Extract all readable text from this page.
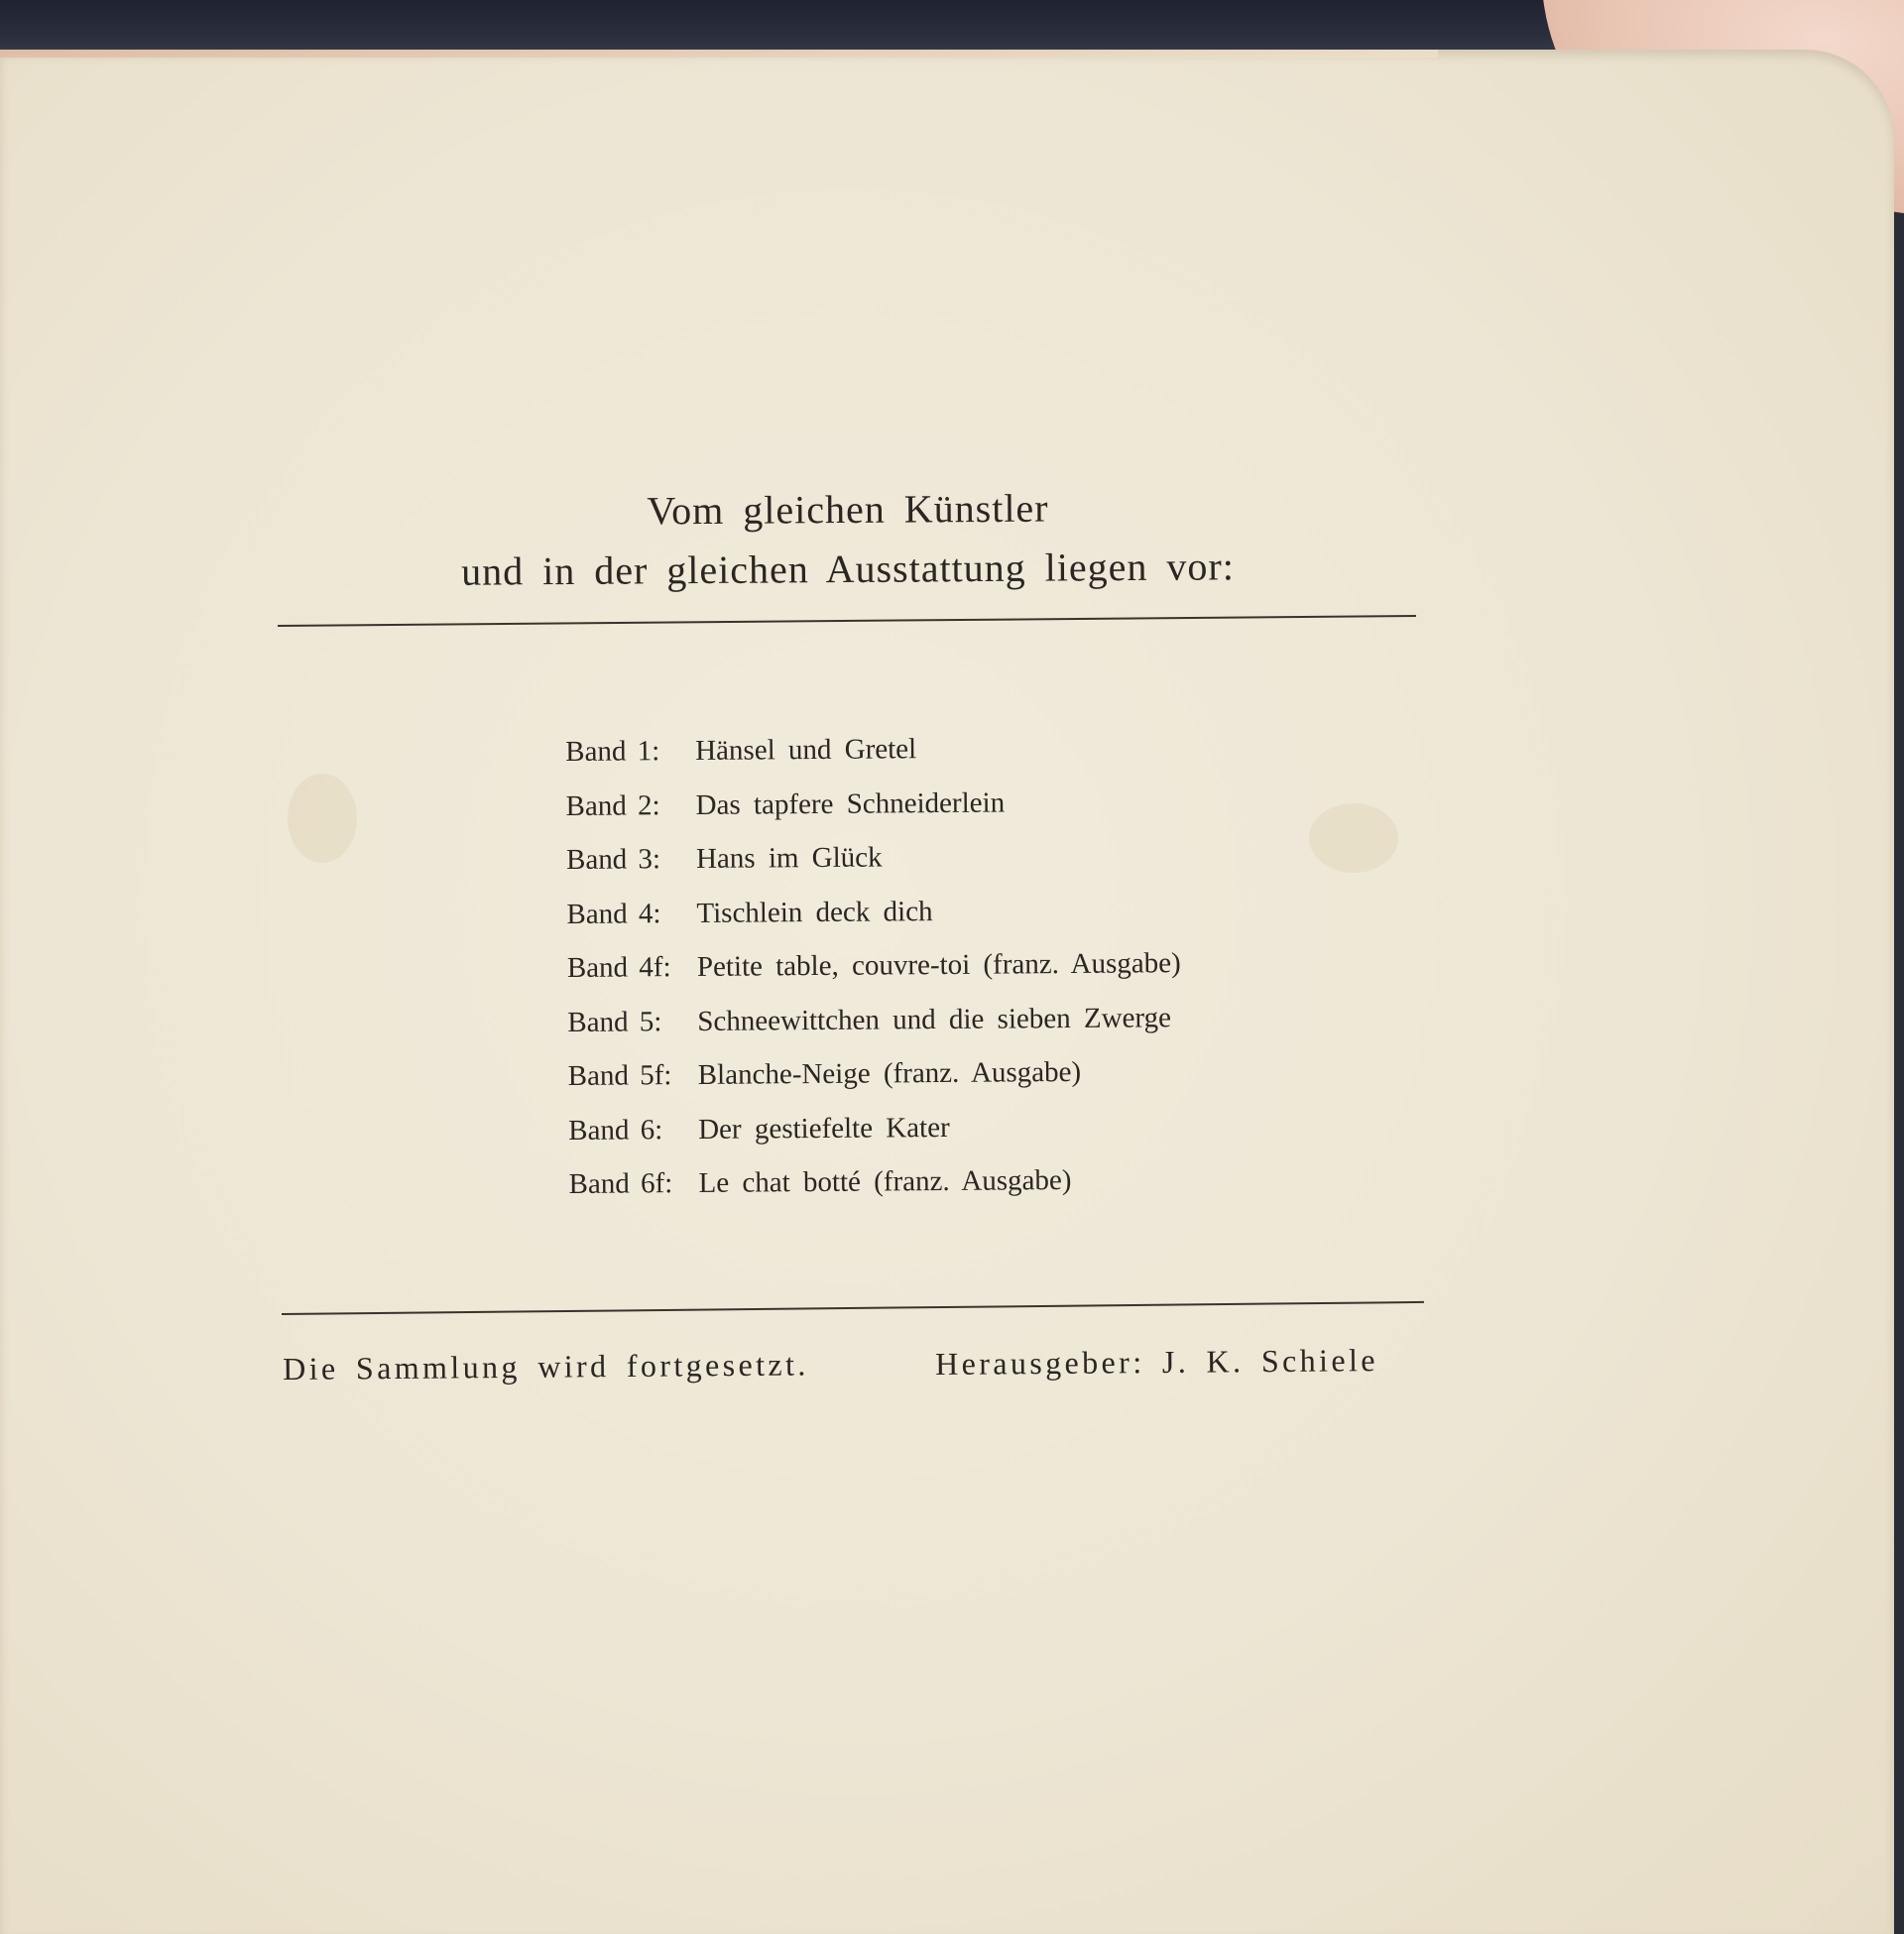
Vom gleichen Künstler
und in der gleichen Ausstattung liegen vor:
Band 1: Hänsel und Gretel
Band 2: Das tapfere Schneiderlein
Band 3: Hans im Glück
Band 4: Tischlein deck dich
Band 4f: Petite table, couvre-toi (franz. Ausgabe)
Band 5: Schneewittchen und die sieben Zwerge
Band 5f: Blanche-Neige (franz. Ausgabe)
Band 6: Der gestiefelte Kater
Band 6f: Le chat botté (franz. Ausgabe)
Die Sammlung wird fortgesetzt.	Herausgeber: J. K. Schiele
